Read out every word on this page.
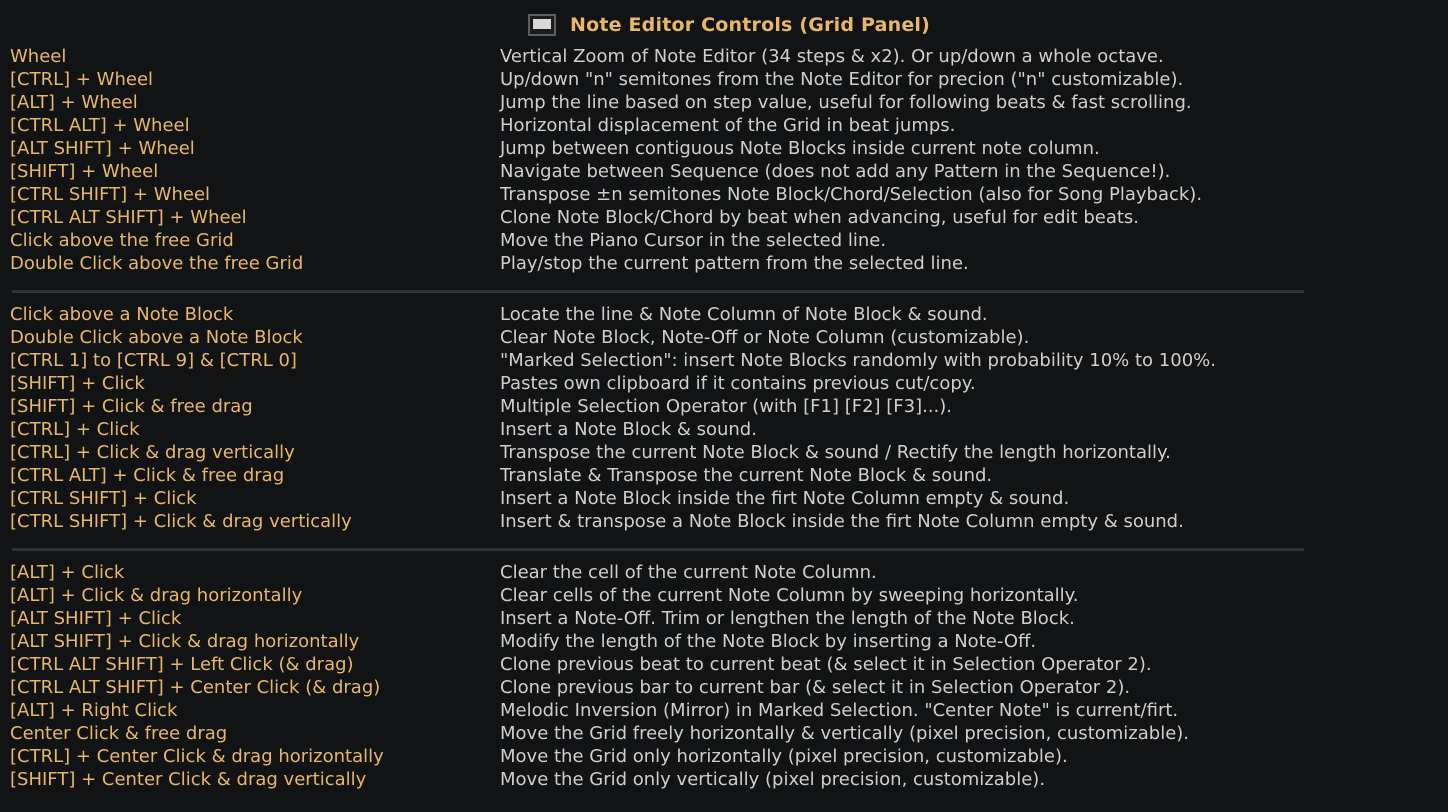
Note Editor Controls (Grid Panel)
Wheel	Vertical Zoom of Note Editor (34 steps & x2). Or up/down a whole octave.
[CTRL] + Wheel	Up/down "n" semitones from the Note Editor for precion ("n" customizable).
[ALT] + Wheel	Jump the line based on step value, useful for following beats & fast scrolling.
[CTRL ALT] + Wheel	Horizontal displacement of the Grid in beat jumps.
[ALT SHIFT] + Wheel	Jump between contiguous Note Blocks inside current note column.
[SHIFT] + Wheel	Navigate between Sequence (does not add any Pattern in the Sequence!).
[CTRL SHIFT] + Wheel	Transpose ±n semitones Note Block/Chord/Selection (also for Song Playback).
[CTRL ALT SHIFT] + Wheel	Clone Note Block/Chord by beat when advancing, useful for edit beats.
Click above the free Grid	Move the Piano Cursor in the selected line.
Double Click above the free Grid	Play/stop the current pattern from the selected line.
Click above a Note Block	Locate the line & Note Column of Note Block & sound.
Double Click above a Note Block	Clear Note Block, Note-Off or Note Column (customizable).
[CTRL 1] to [CTRL 9] & [CTRL 0]	"Marked Selection": insert Note Blocks randomly with probability 10% to 100%.
[SHIFT] + Click	Pastes own clipboard if it contains previous cut/copy.
[SHIFT] + Click & free drag	Multiple Selection Operator (with [F1] [F2] [F3]...).
[CTRL] + Click	Insert a Note Block & sound.
[CTRL] + Click & drag vertically	Transpose the current Note Block & sound / Rectify the length horizontally.
[CTRL ALT] + Click & free drag	Translate & Transpose the current Note Block & sound.
[CTRL SHIFT] + Click	Insert a Note Block inside the firt Note Column empty & sound.
[CTRL SHIFT] + Click & drag vertically	Insert & transpose a Note Block inside the firt Note Column empty & sound.
[ALT] + Click	Clear the cell of the current Note Column.
[ALT] + Click & drag horizontally	Clear cells of the current Note Column by sweeping horizontally.
[ALT SHIFT] + Click	Insert a Note-Off. Trim or lengthen the length of the Note Block.
[ALT SHIFT] + Click & drag horizontally	Modify the length of the Note Block by inserting a Note-Off.
[CTRL ALT SHIFT] + Left Click (& drag)	Clone previous beat to current beat (& select it in Selection Operator 2).
[CTRL ALT SHIFT] + Center Click (& drag)	Clone previous bar to current bar (& select it in Selection Operator 2).
[ALT] + Right Click	Melodic Inversion (Mirror) in Marked Selection. "Center Note" is current/firt.
Center Click & free drag	Move the Grid freely horizontally & vertically (pixel precision, customizable).
[CTRL] + Center Click & drag horizontally	Move the Grid only horizontally (pixel precision, customizable).
[SHIFT] + Center Click & drag vertically	Move the Grid only vertically (pixel precision, customizable).
